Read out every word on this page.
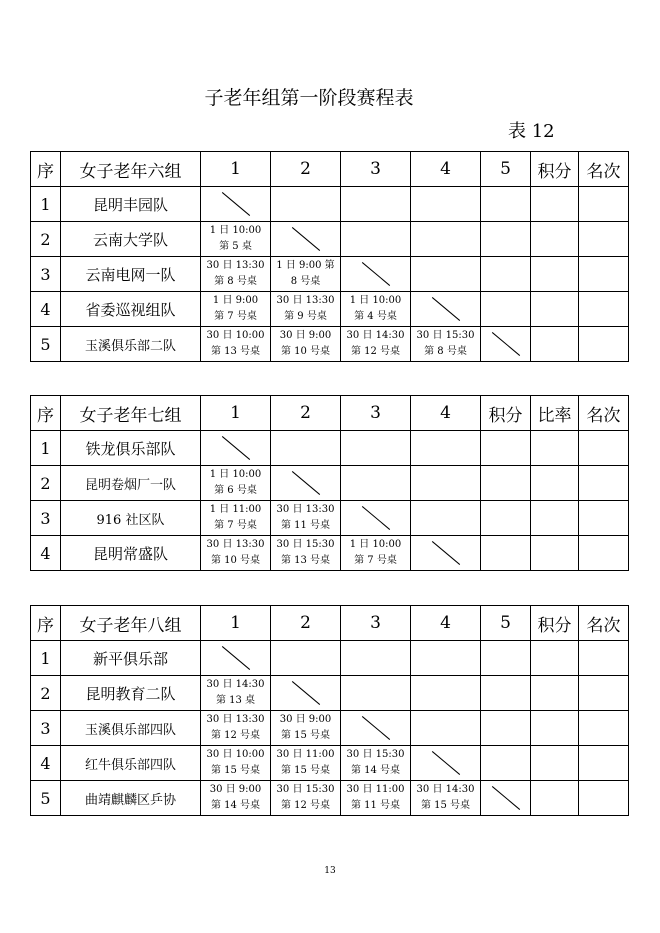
子老年组第一阶段赛程表
表 12
序	女子老年六组	1	2	3	4	5	积分	名次
1	昆明丰园队	

2	云南大学队	1 日 10:00
第 5 桌						

3	云南电网一队	30 日 13:30
第 8 号桌	1 日 9:00 第
8 号桌					

4	省委巡视组队	1 日 9:00
第 7 号桌	30 日 13:30
第 9 号桌	1 日 10:00
第 4 号桌				

5	玉溪俱乐部二队	30 日 10:00
第 13 号桌	30 日 9:00
第 10 号桌	30 日 14:30
第 12 号桌	30 日 15:30
第 8 号桌			

序	女子老年七组	1	2	3	4	积分	比率	名次
1	铁龙俱乐部队	

2	昆明卷烟厂一队	1 日 10:00
第 6 号桌						

3	916 社区队	1 日 11:00
第 7 号桌	30 日 13:30
第 11 号桌					

4	昆明常盛队	30 日 13:30
第 10 号桌	30 日 15:30
第 13 号桌	1 日 10:00
第 7 号桌				

序	女子老年八组	1	2	3	4	5	积分	名次
1	新平俱乐部	

2	昆明教育二队	30 日 14:30
第 13 桌						

3	玉溪俱乐部四队	30 日 13:30
第 12 号桌	30 日 9:00
第 15 号桌					

4	红牛俱乐部四队	30 日 10:00
第 15 号桌	30 日 11:00
第 15 号桌	30 日 15:30
第 14 号桌				

5	曲靖麒麟区乒协	30 日 9:00
第 14 号桌	30 日 15:30
第 12 号桌	30 日 11:00
第 11 号桌	30 日 14:30
第 15 号桌			

13
